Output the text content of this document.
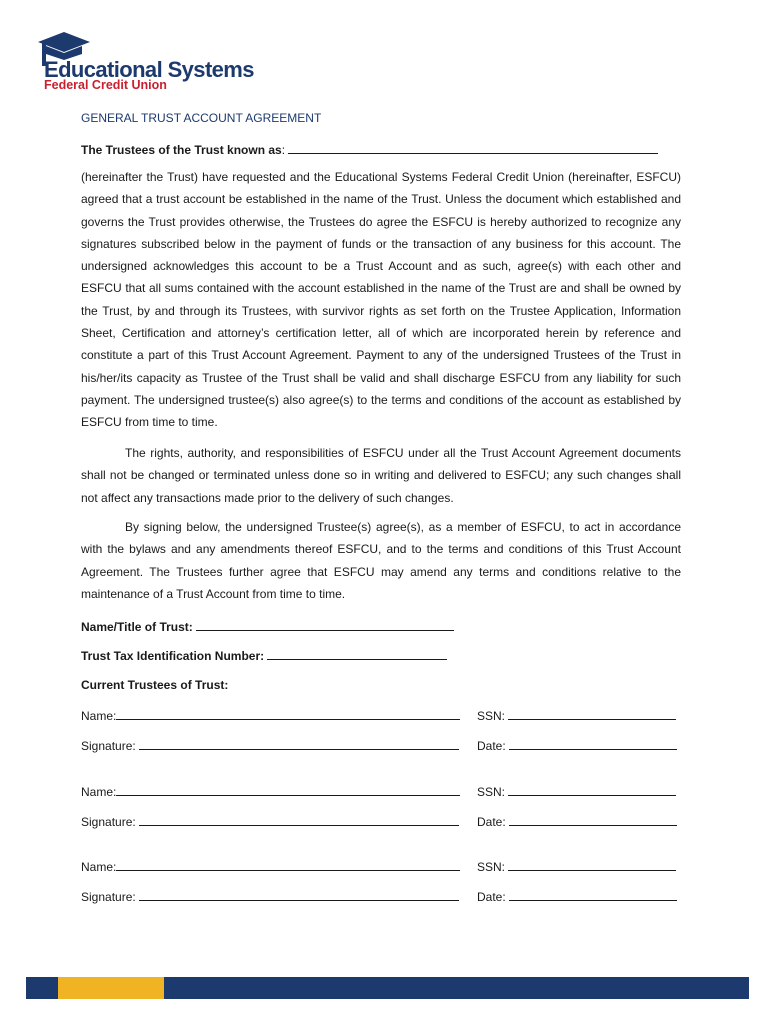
Educational Systems
Federal Credit Union
GENERAL TRUST ACCOUNT AGREEMENT
The Trustees of the Trust known as:

(hereinafter the Trust) have requested and the Educational Systems Federal Credit Union (hereinafter, ESFCU) agreed that a trust account be established in the name of the Trust. Unless the document which established and governs the Trust provides otherwise, the Trustees do agree the ESFCU is hereby authorized to recognize any signatures subscribed below in the payment of funds or the transaction of any business for this account. The undersigned acknowledges this account to be a Trust Account and as such, agree(s) with each other and ESFCU that all sums contained with the account established in the name of the Trust are and shall be owned by the Trust, by and through its Trustees, with survivor rights as set forth on the Trustee Application, Information Sheet, Certification and attorney’s certification letter, all of which are incorporated herein by reference and constitute a part of this Trust Account Agreement. Payment to any of the undersigned Trustees of the Trust in his/her/its capacity as Trustee of the Trust shall be valid and shall discharge ESFCU from any liability for such payment. The undersigned trustee(s) also agree(s) to the terms and conditions of the account as established by ESFCU from time to time.

The rights, authority, and responsibilities of ESFCU under all the Trust Account Agreement documents shall not be changed or terminated unless done so in writing and delivered to ESFCU; any such changes shall not affect any transactions made prior to the delivery of such changes.

By signing below, the undersigned Trustee(s) agree(s), as a member of ESFCU, to act in accordance with the bylaws and any amendments thereof ESFCU, and to the terms and conditions of this Trust Account Agreement. The Trustees further agree that ESFCU may amend any terms and conditions relative to the maintenance of a Trust Account from time to time.

Name/Title of Trust:
Trust Tax Identification Number:
Current Trustees of Trust:
Name:	SSN:
Signature:	Date:
Name:	SSN:
Signature:	Date:
Name:	SSN:
Signature:	Date:
